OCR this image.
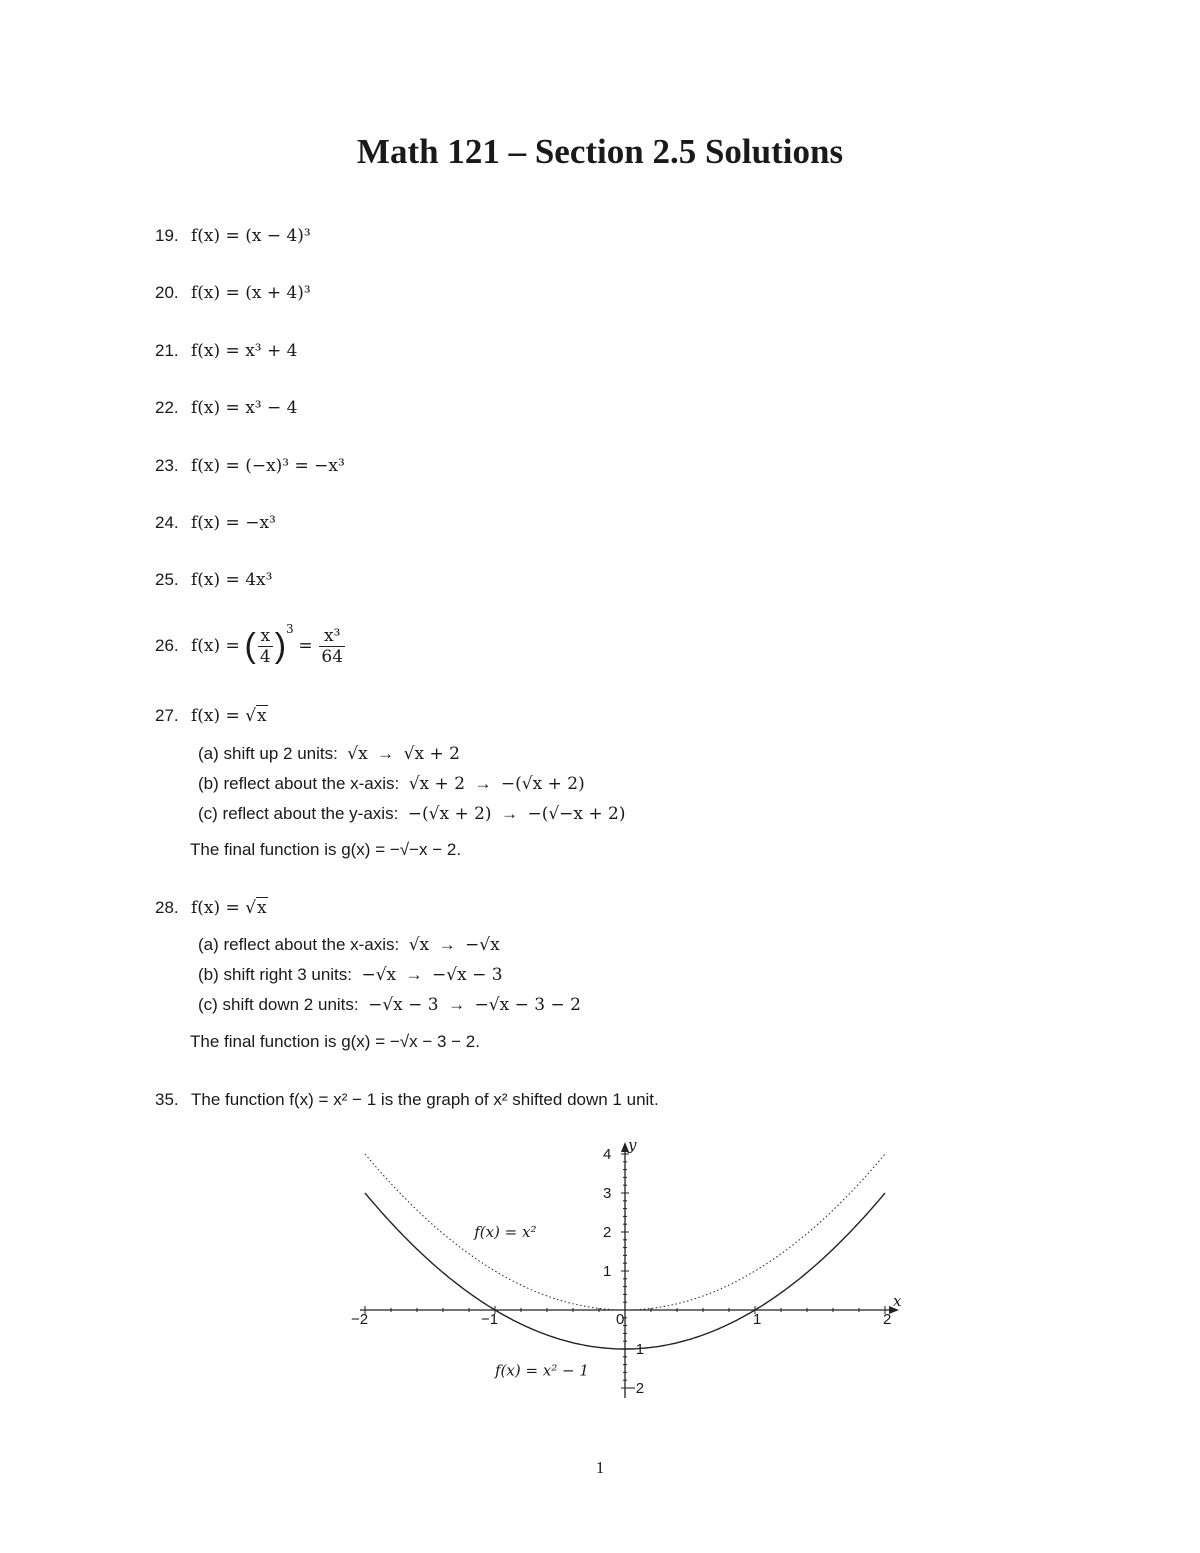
Math 121 – Section 2.5 Solutions
19. f(x) = (x − 4)³
20. f(x) = (x + 4)³
21. f(x) = x³ + 4
22. f(x) = x³ − 4
23. f(x) = (−x)³ = −x³
24. f(x) = −x³
25. f(x) = 4x³
26. f(x) = ( $\frac{x}{4} )^3 = \frac{\text{x³}}{64}$
27. f(x) = √x
(a) shift up 2 units: √x → √x + 2
(b) reflect about the x-axis: √x + 2 → −(√x + 2)
(c) reflect about the y-axis: −(√x + 2) → −(√−x + 2)
The final function is g(x) = −√−x − 2.
28. f(x) = √x
(a) reflect about the x-axis: √x → −√x
(b) shift right 3 units: −√x → −√x − 3
(c) shift down 2 units: −√x − 3 → −√x − 3 − 2
The final function is g(x) = −√x − 3 − 2.
35. The function f(x) = x² − 1 is the graph of x² shifted down 1 unit.
−2	−1	0	1	2
4
3
2
1
−1
−2
x
y
f(x) = x²
f(x) = x² − 1
1
